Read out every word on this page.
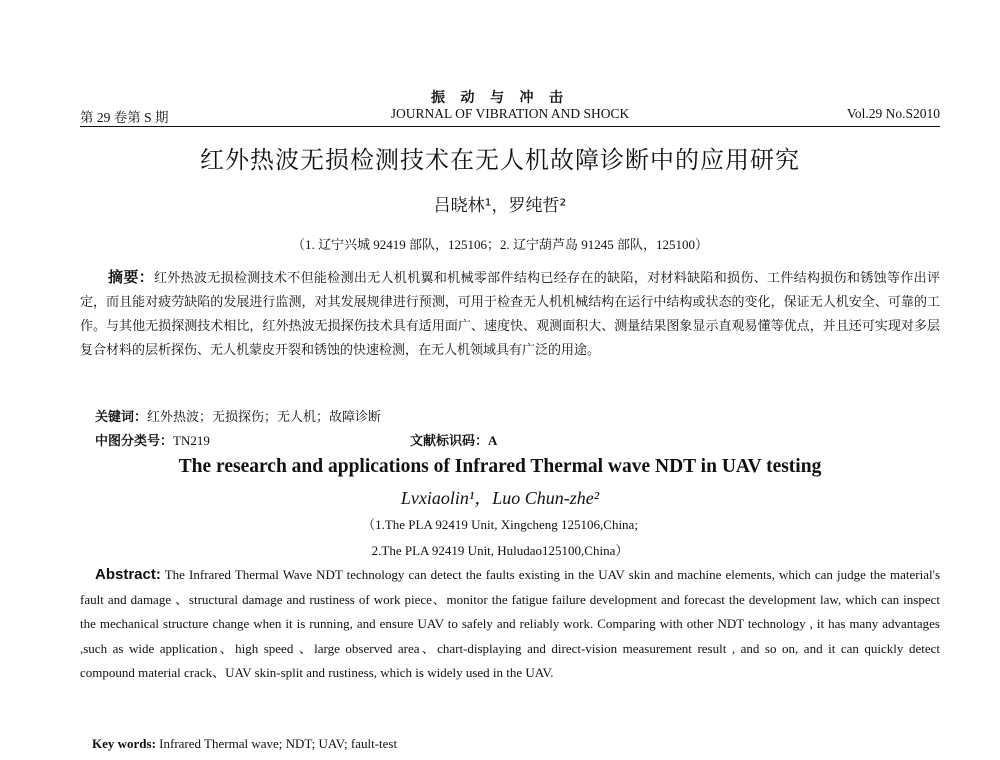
振 动 与 冲 击
第 29 卷第 S 期	JOURNAL OF VIBRATION AND SHOCK	Vol.29 No.S2010
红外热波无损检测技术在无人机故障诊断中的应用研究
吕晓林¹，罗纯哲²
（1. 辽宁兴城 92419 部队，125106；2. 辽宁葫芦岛 91245 部队，125100）
摘要：红外热波无损检测技术不但能检测出无人机机翼和机械零部件结构已经存在的缺陷，对材料缺陷和损伤、工件结构损伤和锈蚀等作出评定，而且能对疲劳缺陷的发展进行监测，对其发展规律进行预测，可用于检查无人机机械结构在运行中结构或状态的变化，保证无人机安全、可靠的工作。与其他无损探测技术相比，红外热波无损探伤技术具有适用面广、速度快、观测面积大、测量结果图象显示直观易懂等优点，并且还可实现对多层复合材料的层析探伤、无人机蒙皮开裂和锈蚀的快速检测，在无人机领域具有广泛的用途。
关键词：红外热波；无损探伤；无人机；故障诊断
中图分类号：TN219	文献标识码：A
The research and applications of Infrared Thermal wave NDT in UAV testing
Lvxiaolin¹，Luo Chun-zhe²
（1.The PLA 92419 Unit, Xingcheng 125106,China;
2.The PLA 92419 Unit, Huludao125100,China）
Abstract: The Infrared Thermal Wave NDT technology can detect the faults existing in the UAV skin and machine elements, which can judge the material's fault and damage 、structural damage and rustiness of work piece、monitor the fatigue failure development and forecast the development law, which can inspect the mechanical structure change when it is running, and ensure UAV to safely and reliably work. Comparing with other NDT technology , it has many advantages ,such as wide application、high speed 、large observed area、chart-displaying and direct-vision measurement result , and so on, and it can quickly detect compound material crack、UAV skin-split and rustiness, which is widely used in the UAV.
Key words: Infrared Thermal wave; NDT; UAV; fault-test
